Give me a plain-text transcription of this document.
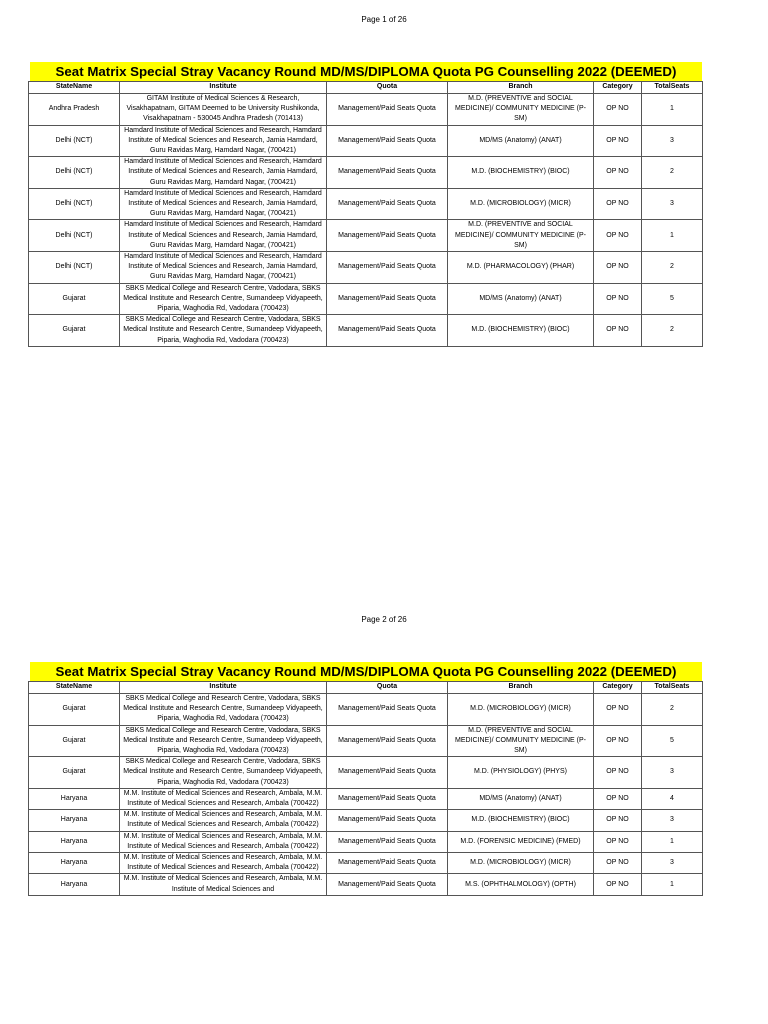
Page 1 of 26
Seat Matrix Special Stray Vacancy Round MD/MS/DIPLOMA Quota PG Counselling 2022 (DEEMED)
StateName	Institute	Quota	Branch	Category	TotalSeats
Andhra Pradesh	GITAM Institute of Medical Sciences & Research, Visakhapatnam, GITAM Deemed to be University Rushikonda, Visakhapatnam - 530045 Andhra Pradesh (701413)	Management/Paid Seats Quota	M.D. (PREVENTIVE and SOCIAL MEDICINE)/ COMMUNITY MEDICINE (P-SM)	OP NO	1
Delhi (NCT)	Hamdard Institute of Medical Sciences and Research, Hamdard Institute of Medical Sciences and Research, Jamia Hamdard, Guru Ravidas Marg, Hamdard Nagar, (700421)	Management/Paid Seats Quota	MD/MS (Anatomy) (ANAT)	OP NO	3
Delhi (NCT)	Hamdard Institute of Medical Sciences and Research, Hamdard Institute of Medical Sciences and Research, Jamia Hamdard, Guru Ravidas Marg, Hamdard Nagar, (700421)	Management/Paid Seats Quota	M.D. (BIOCHEMISTRY) (BIOC)	OP NO	2
Delhi (NCT)	Hamdard Institute of Medical Sciences and Research, Hamdard Institute of Medical Sciences and Research, Jamia Hamdard, Guru Ravidas Marg, Hamdard Nagar, (700421)	Management/Paid Seats Quota	M.D. (MICROBIOLOGY) (MICR)	OP NO	3
Delhi (NCT)	Hamdard Institute of Medical Sciences and Research, Hamdard Institute of Medical Sciences and Research, Jamia Hamdard, Guru Ravidas Marg, Hamdard Nagar, (700421)	Management/Paid Seats Quota	M.D. (PREVENTIVE and SOCIAL MEDICINE)/ COMMUNITY MEDICINE (P-SM)	OP NO	1
Delhi (NCT)	Hamdard Institute of Medical Sciences and Research, Hamdard Institute of Medical Sciences and Research, Jamia Hamdard, Guru Ravidas Marg, Hamdard Nagar, (700421)	Management/Paid Seats Quota	M.D. (PHARMACOLOGY) (PHAR)	OP NO	2
Gujarat	SBKS Medical College and Research Centre, Vadodara, SBKS Medical Institute and Research Centre, Sumandeep Vidyapeeth, Piparia, Waghodia Rd, Vadodara (700423)	Management/Paid Seats Quota	MD/MS (Anatomy) (ANAT)	OP NO	5
Gujarat	SBKS Medical College and Research Centre, Vadodara, SBKS Medical Institute and Research Centre, Sumandeep Vidyapeeth, Piparia, Waghodia Rd, Vadodara (700423)	Management/Paid Seats Quota	M.D. (BIOCHEMISTRY) (BIOC)	OP NO	2
Page 2 of 26
Seat Matrix Special Stray Vacancy Round MD/MS/DIPLOMA Quota PG Counselling 2022 (DEEMED)
StateName	Institute	Quota	Branch	Category	TotalSeats
Gujarat	SBKS Medical College and Research Centre, Vadodara, SBKS Medical Institute and Research Centre, Sumandeep Vidyapeeth, Piparia, Waghodia Rd, Vadodara (700423)	Management/Paid Seats Quota	M.D. (MICROBIOLOGY) (MICR)	OP NO	2
Gujarat	SBKS Medical College and Research Centre, Vadodara, SBKS Medical Institute and Research Centre, Sumandeep Vidyapeeth, Piparia, Waghodia Rd, Vadodara (700423)	Management/Paid Seats Quota	M.D. (PREVENTIVE and SOCIAL MEDICINE)/ COMMUNITY MEDICINE (P-SM)	OP NO	5
Gujarat	SBKS Medical College and Research Centre, Vadodara, SBKS Medical Institute and Research Centre, Sumandeep Vidyapeeth, Piparia, Waghodia Rd, Vadodara (700423)	Management/Paid Seats Quota	M.D. (PHYSIOLOGY) (PHYS)	OP NO	3
Haryana	M.M. Institute of Medical Sciences and Research, Ambala, M.M. Institute of Medical Sciences and Research, Ambala (700422)	Management/Paid Seats Quota	MD/MS (Anatomy) (ANAT)	OP NO	4
Haryana	M.M. Institute of Medical Sciences and Research, Ambala, M.M. Institute of Medical Sciences and Research, Ambala (700422)	Management/Paid Seats Quota	M.D. (BIOCHEMISTRY) (BIOC)	OP NO	3
Haryana	M.M. Institute of Medical Sciences and Research, Ambala, M.M. Institute of Medical Sciences and Research, Ambala (700422)	Management/Paid Seats Quota	M.D. (FORENSIC MEDICINE) (FMED)	OP NO	1
Haryana	M.M. Institute of Medical Sciences and Research, Ambala, M.M. Institute of Medical Sciences and Research, Ambala (700422)	Management/Paid Seats Quota	M.D. (MICROBIOLOGY) (MICR)	OP NO	3
Haryana	M.M. Institute of Medical Sciences and Research, Ambala, M.M. Institute of Medical Sciences and	Management/Paid Seats Quota	M.S. (OPHTHALMOLOGY) (OPTH)	OP NO	1
